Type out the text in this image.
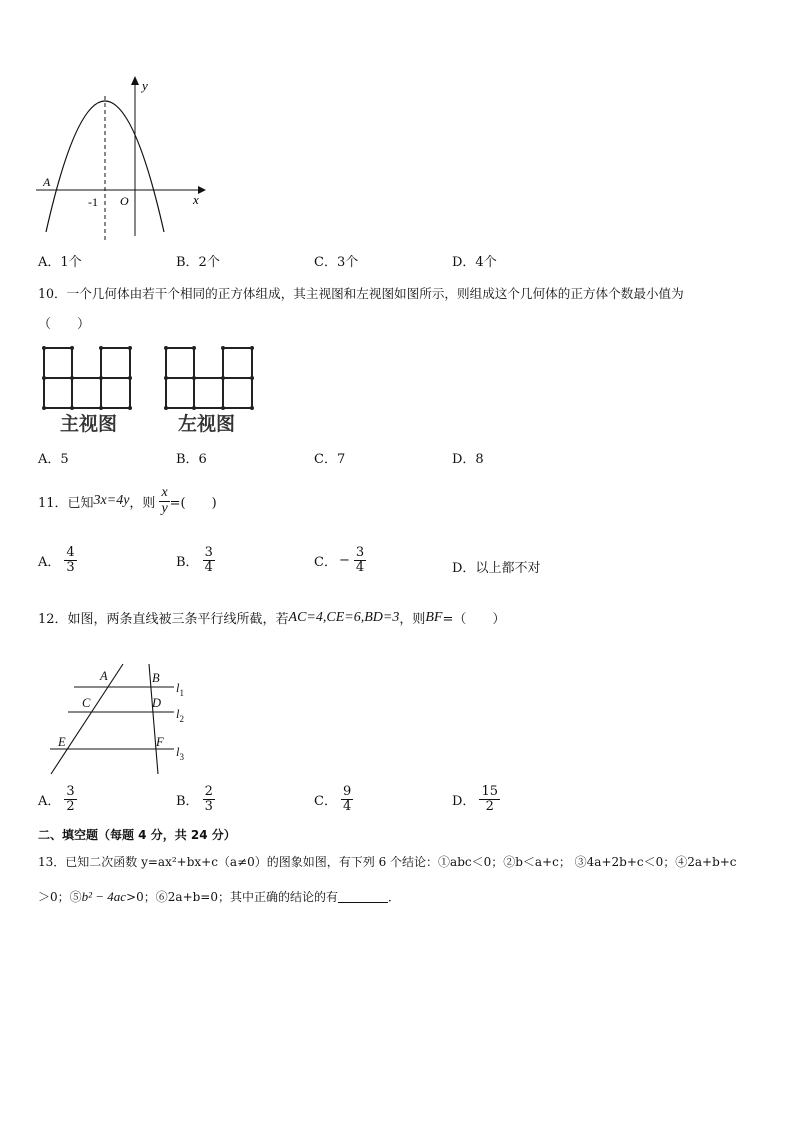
y
x
A
-1 O
A．1个	B．2个	C．3个	D．4个
10．一个几何体由若干个相同的正方体组成，其主视图和左视图如图所示，则组成这个几何体的正方体个数最小值为
（　　）
主视图	左视图
A．5	B．6	C．7	D．8
11．已知 3x=4y ，则 $\frac{x}{y}$ =(　　)
A． $\frac{4}{3}$	B． $\frac{3}{4}$	C． − $\frac{3}{4}$	D． 以上都不对
12．如图，两条直线被三条平行线所截，若 AC=4,CE=6,BD=3 ，则 BF =（　　）
A	B
C	D
E	F
$l_1$
$l_2$
$l_3$
A． $\frac{3}{2}$	B． $\frac{2}{3}$	C． $\frac{9}{4}$	D． $\frac{15}{2}$
二、填空题（每题 4 分，共 24 分）
13．已知二次函数 y=ax²+bx+c（a≠0）的图象如图，有下列 6 个结论：①abc＜0；②b＜a+c； ③4a+2b+c＜0；④2a+b+c
＞0；⑤ b² − 4ac >0；⑥2a+b=0；其中正确的结论的有	．
